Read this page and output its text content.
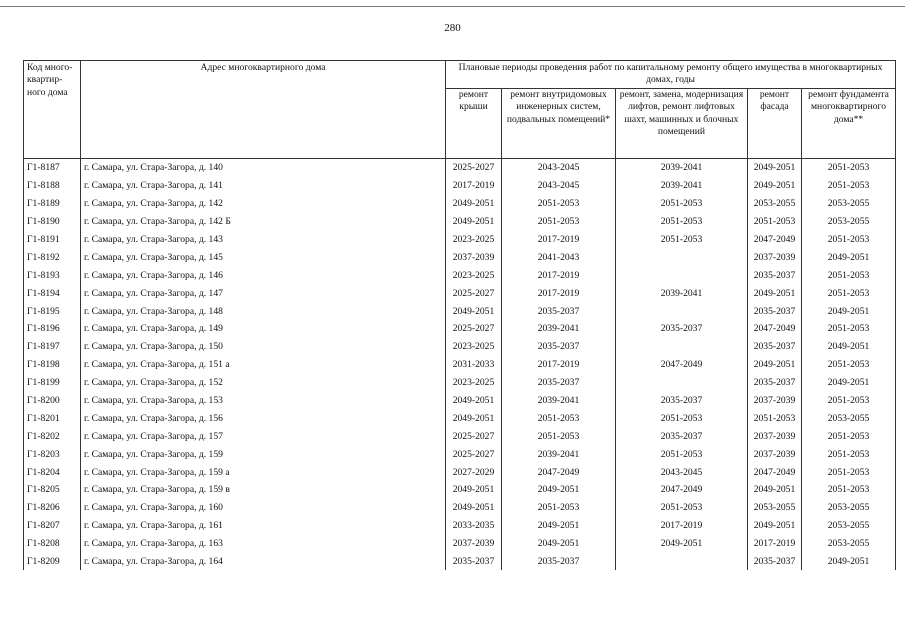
280
Код много-квартир-ного дома	Адрес многоквартирного дома	Плановые периоды проведения работ по капитальному ремонту общего имущества в многоквартирных домах, годы				
		ремонт крыши	ремонт внутридомовых инженерных систем, подвальных помещений*	ремонт, замена, модернизация лифтов, ремонт лифтовых шахт, машинных и блочных помещений	ремонт фасада	ремонт фундамента многоквартирного дома**
Г1-8187	г. Самара, ул. Стара-Загора, д. 140	2025-2027	2043-2045	2039-2041	2049-2051	2051-2053
Г1-8188	г. Самара, ул. Стара-Загора, д. 141	2017-2019	2043-2045	2039-2041	2049-2051	2051-2053
Г1-8189	г. Самара, ул. Стара-Загора, д. 142	2049-2051	2051-2053	2051-2053	2053-2055	2053-2055
Г1-8190	г. Самара, ул. Стара-Загора, д. 142 Б	2049-2051	2051-2053	2051-2053	2051-2053	2053-2055
Г1-8191	г. Самара, ул. Стара-Загора, д. 143	2023-2025	2017-2019	2051-2053	2047-2049	2051-2053
Г1-8192	г. Самара, ул. Стара-Загора, д. 145	2037-2039	2041-2043		2037-2039	2049-2051
Г1-8193	г. Самара, ул. Стара-Загора, д. 146	2023-2025	2017-2019		2035-2037	2051-2053
Г1-8194	г. Самара, ул. Стара-Загора, д. 147	2025-2027	2017-2019	2039-2041	2049-2051	2051-2053
Г1-8195	г. Самара, ул. Стара-Загора, д. 148	2049-2051	2035-2037		2035-2037	2049-2051
Г1-8196	г. Самара, ул. Стара-Загора, д. 149	2025-2027	2039-2041	2035-2037	2047-2049	2051-2053
Г1-8197	г. Самара, ул. Стара-Загора, д. 150	2023-2025	2035-2037		2035-2037	2049-2051
Г1-8198	г. Самара, ул. Стара-Загора, д. 151 а	2031-2033	2017-2019	2047-2049	2049-2051	2051-2053
Г1-8199	г. Самара, ул. Стара-Загора, д. 152	2023-2025	2035-2037		2035-2037	2049-2051
Г1-8200	г. Самара, ул. Стара-Загора, д. 153	2049-2051	2039-2041	2035-2037	2037-2039	2051-2053
Г1-8201	г. Самара, ул. Стара-Загора, д. 156	2049-2051	2051-2053	2051-2053	2051-2053	2053-2055
Г1-8202	г. Самара, ул. Стара-Загора, д. 157	2025-2027	2051-2053	2035-2037	2037-2039	2051-2053
Г1-8203	г. Самара, ул. Стара-Загора, д. 159	2025-2027	2039-2041	2051-2053	2037-2039	2051-2053
Г1-8204	г. Самара, ул. Стара-Загора, д. 159 а	2027-2029	2047-2049	2043-2045	2047-2049	2051-2053
Г1-8205	г. Самара, ул. Стара-Загора, д. 159 в	2049-2051	2049-2051	2047-2049	2049-2051	2051-2053
Г1-8206	г. Самара, ул. Стара-Загора, д. 160	2049-2051	2051-2053	2051-2053	2053-2055	2053-2055
Г1-8207	г. Самара, ул. Стара-Загора, д. 161	2033-2035	2049-2051	2017-2019	2049-2051	2053-2055
Г1-8208	г. Самара, ул. Стара-Загора, д. 163	2037-2039	2049-2051	2049-2051	2017-2019	2053-2055
Г1-8209	г. Самара, ул. Стара-Загора, д. 164	2035-2037	2035-2037		2035-2037	2049-2051
